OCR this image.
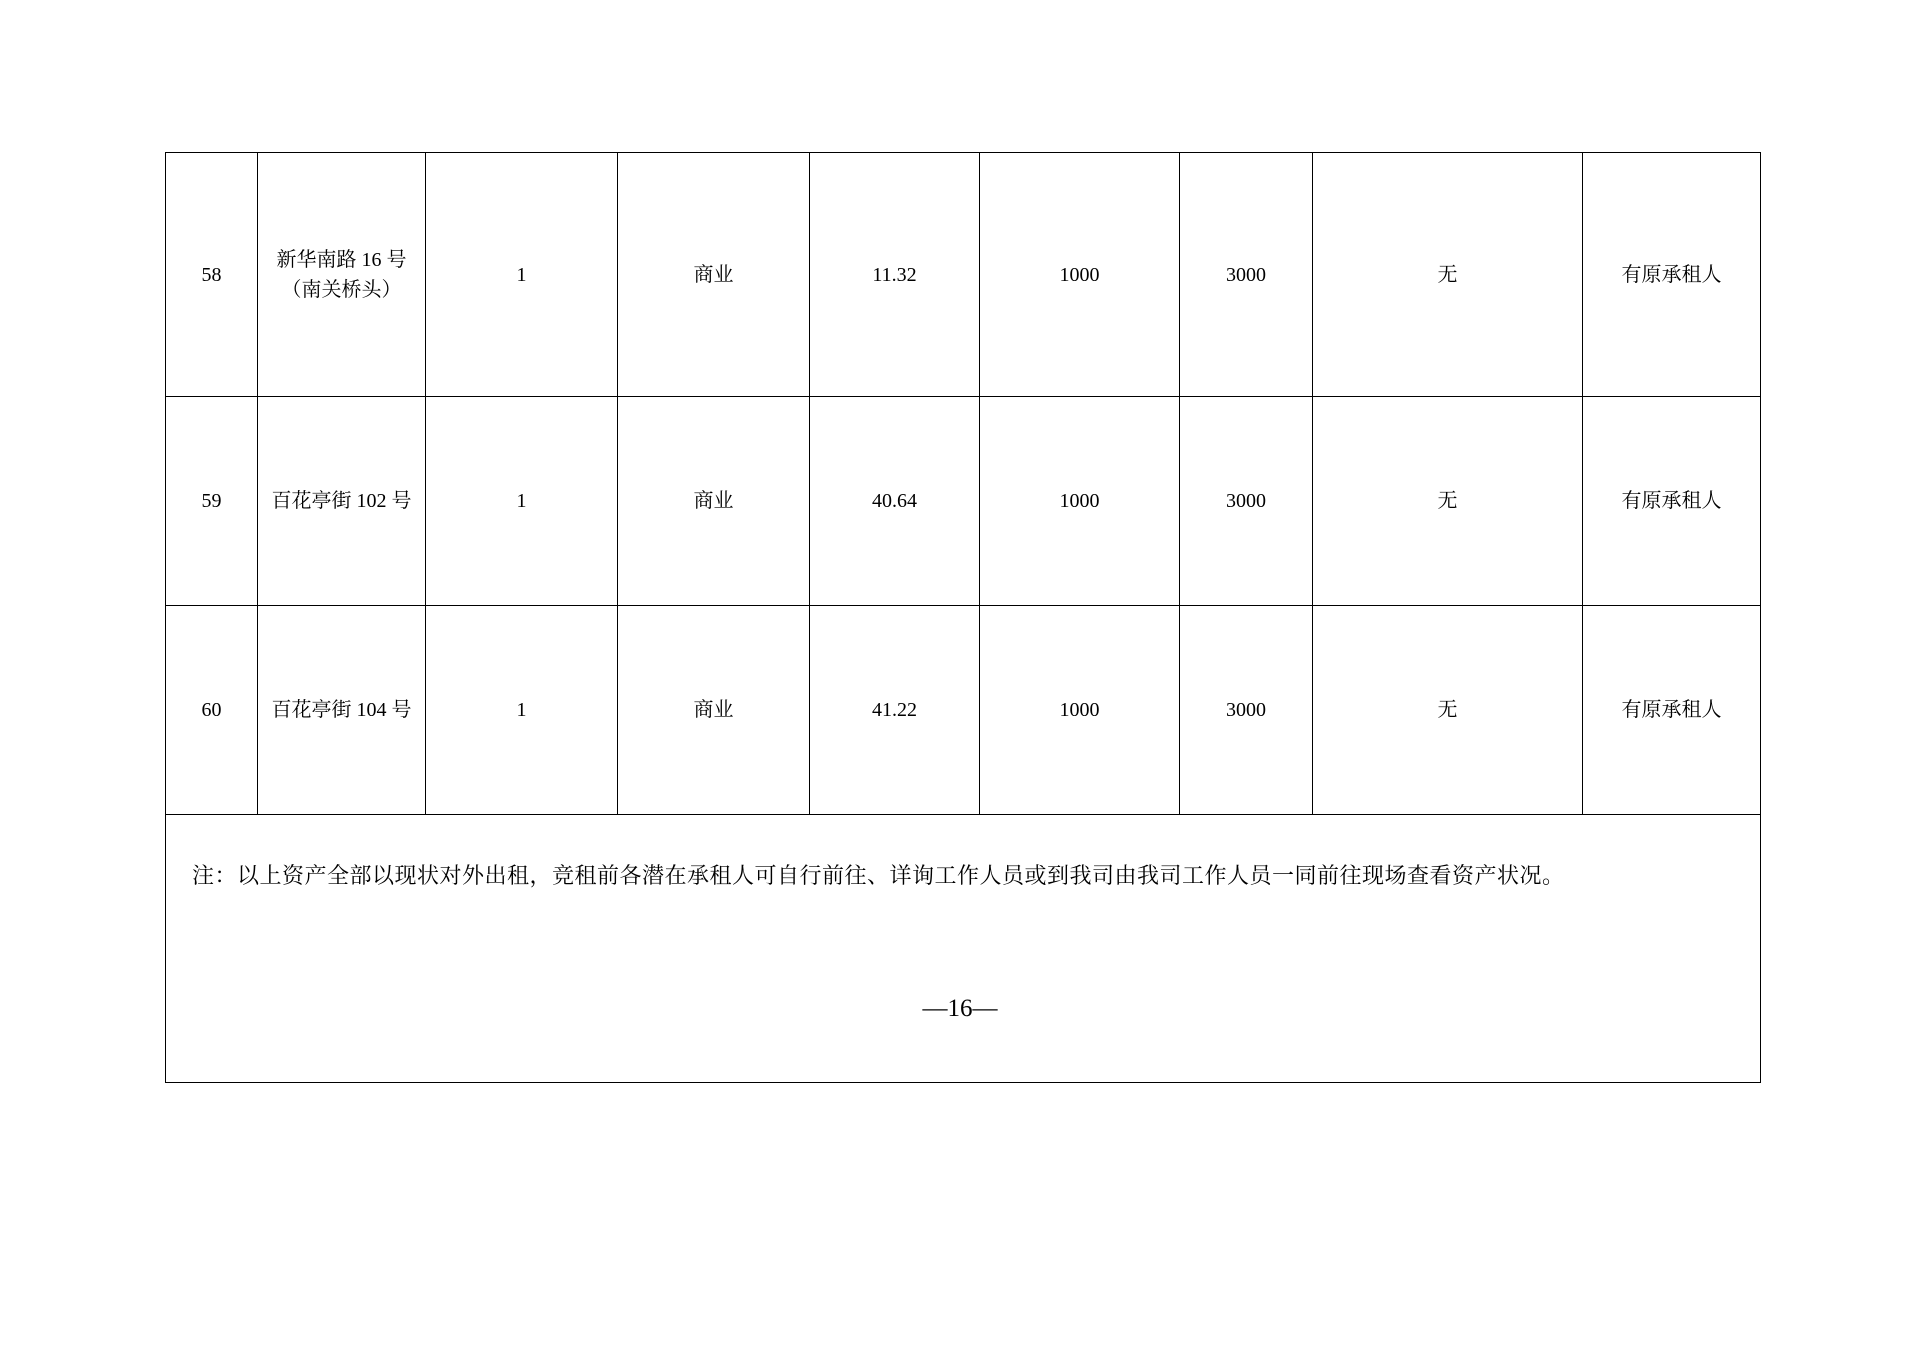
58	新华南路 16 号（南关桥头）	1	商业	11.32	1000	3000	无	有原承租人
59	百花亭街 102 号	1	商业	40.64	1000	3000	无	有原承租人
60	百花亭街 104 号	1	商业	41.22	1000	3000	无	有原承租人
注：以上资产全部以现状对外出租，竞租前各潜在承租人可自行前往、详询工作人员或到我司由我司工作人员一同前往现场查看资产状况。								
—16—
